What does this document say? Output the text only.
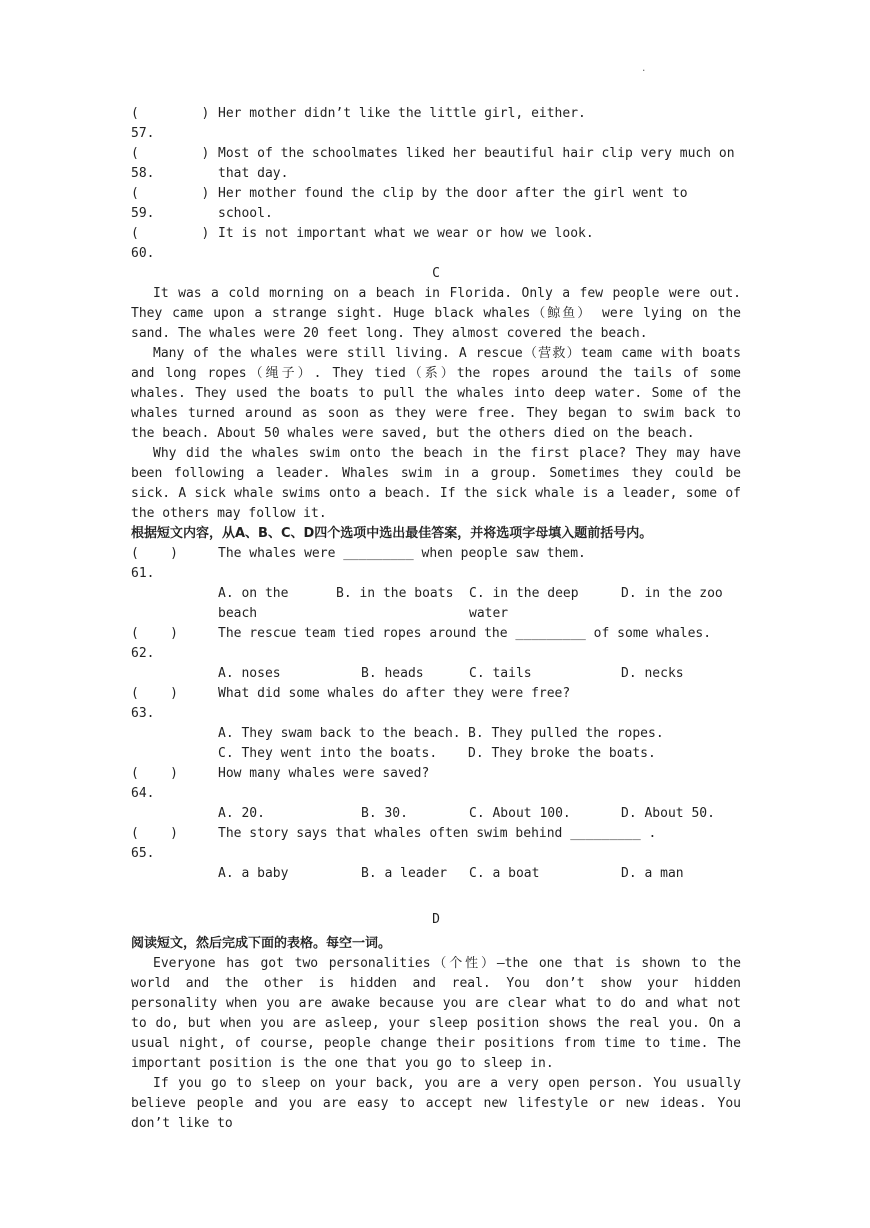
.
(        ) Her mother didn’t like the little girl, either.
57.
(        ) Most of the schoolmates liked her beautiful hair clip very much on
58.	that day.
(        ) Her mother found the clip by the door after the girl went to school.
59.
(        ) It is not important what we wear or how we look.
60.
C

It was a cold morning on a beach in Florida. Only a few people were out. They came upon a strange sight. Huge black whales（鲸鱼） were lying on the sand. The whales were 20 feet long. They almost covered the beach.

Many of the whales were still living. A rescue（营救）team came with boats and long ropes（绳子）. They tied（系）the ropes around the tails of some whales. They used the boats to pull the whales into deep water. Some of the whales turned around as soon as they were free. They began to swim back to the beach. About 50 whales were saved, but the others died on the beach.

Why did the whales swim onto the beach in the first place? They may have been following a leader. Whales swim in a group. Sometimes they could be sick. A sick whale swims onto a beach. If the sick whale is a leader, some of the others may follow it.

根据短文内容，从A、B、C、D四个选项中选出最佳答案，并将选项字母填入题前括号内。
(    )	The whales were _________ when people saw them.
61.
A. on the	B. in the boats	C. in the deep	D. in the zoo
beach	water
(    )	The rescue team tied ropes around the _________ of some whales.
62.
A. noses	B. heads	C. tails	D. necks
(    )	What did some whales do after they were free?
63.
A. They swam back to the beach. B. They pulled the ropes.
C. They went into the boats.	D. They broke the boats.
(    )	How many whales were saved?
64.
A. 20.	B. 30.	C. About 100.	D. About 50.
(    )	The story says that whales often swim behind _________ .
65.
A. a baby	B. a leader	C. a boat	D. a man
D
阅读短文，然后完成下面的表格。每空一词。

Everyone has got two personalities（个性）—the one that is shown to the world and the other is hidden and real. You don’t show your hidden personality when you are awake because you are clear what to do and what not to do, but when you are asleep, your sleep position shows the real you. On a usual night, of course, people change their positions from time to time. The important position is the one that you go to sleep in.

If you go to sleep on your back, you are a very open person. You usually believe people and you are easy to accept new lifestyle or new ideas. You don’t like to
